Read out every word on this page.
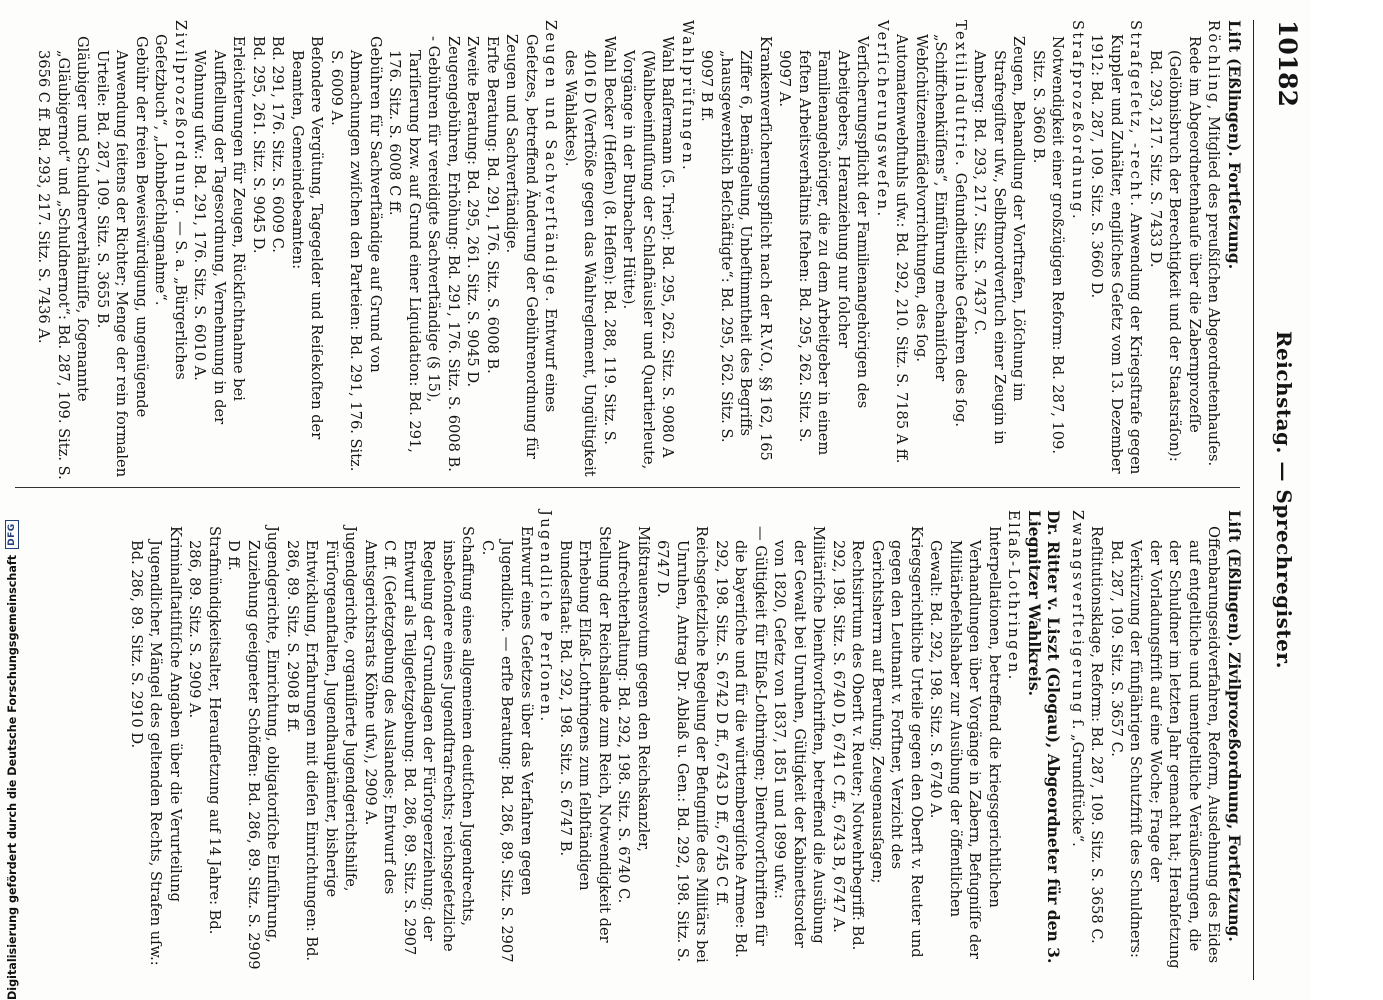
10182
Reichstag. — Sprechregister.
Liſt (Eßlingen). Fortſetzung.

Röchling, Mitglied des preußiſchen Abgeordnetenhauſes.

Rede im Abgeordnetenhauſe über die Zabernprozeſſe (Gelöbnisbruch der Berechtigkeit und der Staatsräſon): Bd. 293, 217. Sitz. S. 7433 D.

Strafgeſetz, -recht. Anwendung der Kriegsſtrafe gegen Kuppler und Zuhälter, engliſches Geſetz vom 13. Dezember 1912: Bd. 287, 109. Sitz. S. 3660 D.

Strafprozeßordnung.

Notwendigkeit einer großzügigen Reform: Bd. 287, 109. Sitz. S. 3660 B.

Zeugen, Behandlung der Vorſtrafen, Löſchung im Strafregiſter uſw., Selbſtmordverſuch einer Zeugin in Amberg: Bd. 293, 217. Sitz. S. 7437 C.

Textilinduſtrie. Geſundheitliche Gefahren des ſog. „Schiffchenküſſens“, Einführung mechaniſcher Webſchützeneinfädelvorrichtungen, des ſog. Automatenwebſtuhls uſw.: Bd. 292, 210. Sitz. S. 7185 A ff.

Verſicherungsweſen.

Verſicherungspflicht der Familienangehörigen des Arbeitgebers, Heranziehung nur ſolcher Familienangehöriger, die zu dem Arbeitgeber in einem feſten Arbeitsverhältnis ſtehen: Bd. 295, 262. Sitz. S. 9097 A.

Krankenverſicherungspflicht nach der R.V.O., §§ 162, 165 Ziffer 6, Bemängelung, Unbeſtimmtheit des Begriffs „hausgewerblich Beſchäftigte“: Bd. 295, 262. Sitz. S. 9097 B ff.

Wahlprüfungen.

Wahl Baſſermann (5. Trier): Bd. 295, 262. Sitz. S. 9080 A (Wahlbeeinfluſſung der Schlafhäusler und Quartierleute, Vorgänge in der Burbacher Hütte).

Wahl Becker (Heſſen) (8. Heſſen): Bd. 288, 119. Sitz. S. 4016 D (Verſtöße gegen das Wahlreglement, Ungültigkeit des Wahlaktes).

Zeugen und Sachverſtändige. Entwurf eines Geſetzes, betreffend Änderung der Gebührenordnung für Zeugen und Sachverſtändige.

Erſte Beratung: Bd. 291, 176. Sitz. S. 6008 B.

Zweite Beratung: Bd. 295, 261. Sitz. S. 9045 D.

Zeugengebühren, Erhöhung: Bd. 291, 176. Sitz. S. 6008 B.

- Gebühren für vereidigte Sachverſtändige (§ 15), Tariſierung bzw. auf Grund einer Liquidation: Bd. 291, 176. Sitz. S. 6008 C ff.

Gebühren für Sachverſtändige auf Grund von Abmachungen zwiſchen den Parteien: Bd. 291, 176. Sitz. S. 6009 A.

Beſondere Vergütung, Tagegelder und Reiſekoſten der Beamten, Gemeindebeamten:

Bd. 291, 176. Sitz. S. 6009 C.

Bd. 295, 261. Sitz. S. 9045 D.

Erleichterungen für Zeugen, Rückſichtnahme bei Aufſtellung der Tagesordnung, Vernehmung in der Wohnung uſw.: Bd. 291, 176. Sitz. S. 6010 A.

Zivilprozeßordnung. — S. a. „Bürgerliches Geſetzbuch“, „Lohnbeſchlagnahme“.

Gebühr der freien Beweiswürdigung, ungenügende Anwendung ſeitens der Richter; Menge der rein formalen Urteile: Bd. 287, 109. Sitz. S. 3655 B.

Gläubiger und Schuldnerverhältniſſe, ſogenannte „Gläubigernot“ und „Schuldnernot“: Bd. 287, 109. Sitz. S. 3656 C ff. Bd. 293, 217. Sitz. S. 7436 A.

Liſt (Eßlingen). Zivilprozeßordnung, Fortſetzung.

Offenbarungseidverfahren, Reform, Ausdehnung des Eides auf entgeltliche und unentgeltliche Veräußerungen, die der Schuldner im letzten Jahr gemacht hat; Herabſetzung der Vorladungsfriſt auf eine Woche; Frage der Verkürzung der fünfjährigen Schutzfriſt des Schuldners: Bd. 287, 109. Sitz. S. 3657 C.

Reſtitutionsklage, Reform: Bd. 287, 109. Sitz. S. 3658 C.

Zwangsverſteigerung ſ. „Grundſtücke“.

Dr. Ritter v. Liszt (Glogau), Abgeordneter für den 3. Liegnitzer Wahlkreis.

Elſaß-Lothringen.

Interpellationen, betreffend die kriegsgerichtlichen Verhandlungen über Vorgänge in Zabern, Befugniſſe der Militärbefehlshaber zur Ausübung der öffentlichen Gewalt: Bd. 292, 198. Sitz. S. 6740 A.

Kriegsgerichtliche Urteile gegen den Oberſt v. Reuter und gegen den Leutnant v. Forſtner, Verzicht des Gerichtsherrn auf Berufung; Zeugenausſagen; Rechtsirrtum des Oberſt v. Reuter; Notwehrbegriff: Bd. 292, 198. Sitz. S. 6740 D, 6741 C ff., 6743 B, 6747 A.

Militäriſche Dienſtvorſchriften, betreffend die Ausübung der Gewalt bei Unruhen, Gültigkeit der Kabinettsorder von 1820, Geſetz von 1837, 1851 und 1899 uſw.:

— Gültigkeit für Elſaß-Lothringen; Dienſtvorſchriften für die bayeriſche und für die württembergiſche Armee: Bd. 292, 198. Sitz. S. 6742 D ff., 6743 D ff., 6745 C ff.

Reichsgeſetzliche Regelung der Befugniſſe des Militärs bei Unruhen, Antrag Dr. Ablaß u. Gen.: Bd. 292, 198. Sitz. S. 6747 D.

Mißtrauensvotum gegen den Reichskanzler, Aufrechterhaltung: Bd. 292, 198. Sitz. S. 6740 C.

Stellung der Reichslande zum Reich, Notwendigkeit der Erhebung Elſaß-Lothringens zum ſelbſtändigen Bundesſtaat: Bd. 292, 198. Sitz. S. 6747 B.

Jugendliche Perſonen.

Entwurf eines Geſetzes über das Verfahren gegen Jugendliche. — erſte Beratung: Bd. 286, 89. Sitz. S. 2907 C.

Schaffung eines allgemeinen deutſchen Jugendrechts, insbeſondere eines Jugendſtrafrechts; reichsgeſetzliche Regelung der Grundlagen der Fürſorgeerziehung; der Entwurf als Teilgeſetzgebung: Bd. 286, 89. Sitz. S. 2907 C ff. (Geſetzgebung des Auslandes; Entwurf des Amtsgerichtsrats Köhne uſw.), 2909 A.

Jugendgerichte, organiſierte Jugendgerichtshilfe, Fürſorgeanſtalten, Jugendhauptämter, bisherige Entwicklung, Erfahrungen mit dieſen Einrichtungen: Bd. 286, 89. Sitz. S. 2908 B ff.

Jugendgerichte, Einrichtung, obligatoriſche Einführung, Zuziehung geeigneter Schöffen: Bd. 286, 89. Sitz. S. 2909 D ff.

Strafmündigkeitsalter, Heraufſetzung auf 14 Jahre: Bd. 286, 89. Sitz. S. 2909 A.

Kriminalſtatiſtiſche Angaben über die Verurteilung Jugendlicher, Mängel des geltenden Rechts, Strafen uſw.: Bd. 286, 89. Sitz. S. 2910 D.

Digitalisierung gefördert durch die Deutsche Forschungsgemeinschaft
DFG
